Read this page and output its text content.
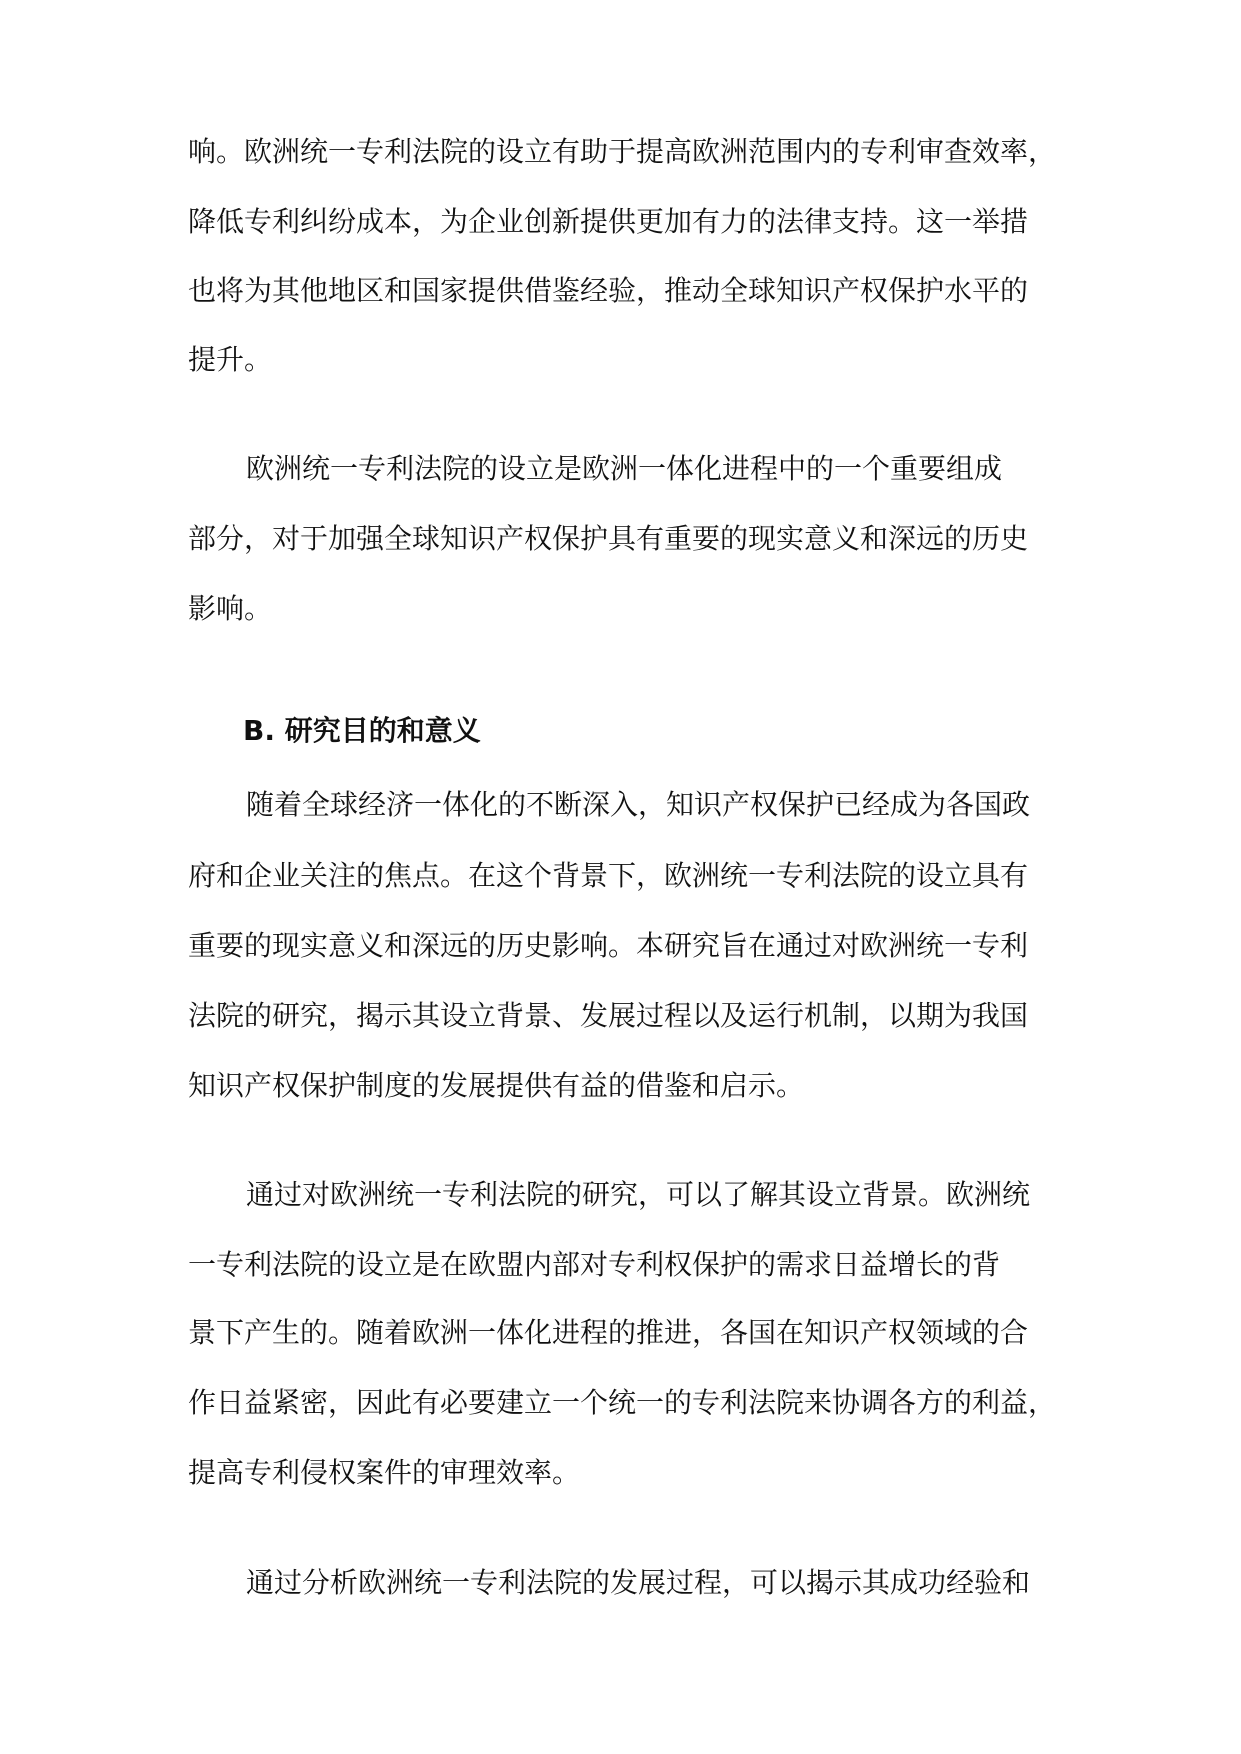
响。欧洲统一专利法院的设立有助于提高欧洲范围内的专利审查效率，
降低专利纠纷成本，为企业创新提供更加有力的法律支持。这一举措
也将为其他地区和国家提供借鉴经验，推动全球知识产权保护水平的
提升。
欧洲统一专利法院的设立是欧洲一体化进程中的一个重要组成
部分，对于加强全球知识产权保护具有重要的现实意义和深远的历史
影响。
B. 研究目的和意义
随着全球经济一体化的不断深入，知识产权保护已经成为各国政
府和企业关注的焦点。在这个背景下，欧洲统一专利法院的设立具有
重要的现实意义和深远的历史影响。本研究旨在通过对欧洲统一专利
法院的研究，揭示其设立背景、发展过程以及运行机制，以期为我国
知识产权保护制度的发展提供有益的借鉴和启示。
通过对欧洲统一专利法院的研究，可以了解其设立背景。欧洲统
一专利法院的设立是在欧盟内部对专利权保护的需求日益增长的背
景下产生的。随着欧洲一体化进程的推进，各国在知识产权领域的合
作日益紧密，因此有必要建立一个统一的专利法院来协调各方的利益，
提高专利侵权案件的审理效率。
通过分析欧洲统一专利法院的发展过程，可以揭示其成功经验和
